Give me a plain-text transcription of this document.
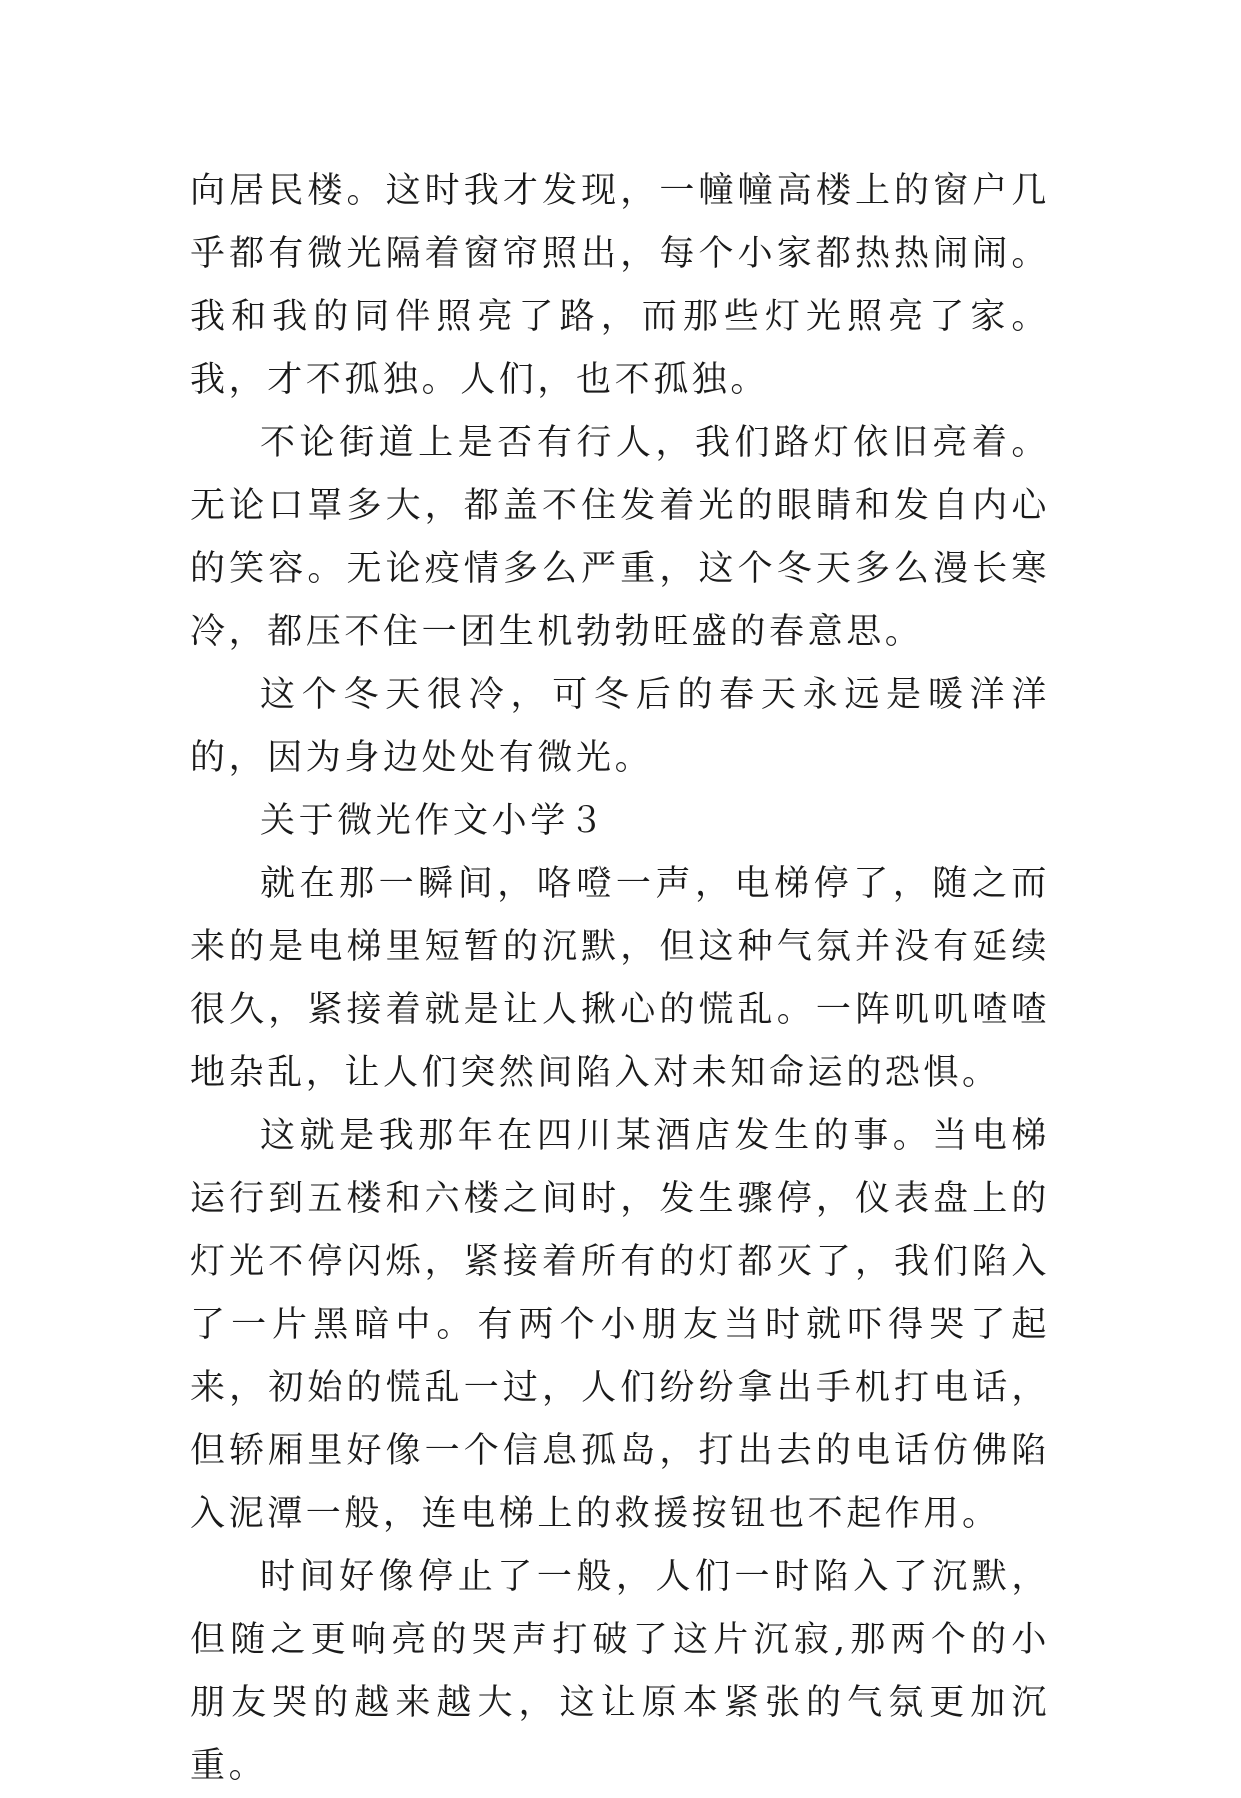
向居民楼。这时我才发现，一幢幢高楼上的窗户几乎都有微光隔着窗帘照出，每个小家都热热闹闹。我和我的同伴照亮了路，而那些灯光照亮了家。我，才不孤独。人们，也不孤独。

不论街道上是否有行人，我们路灯依旧亮着。无论口罩多大，都盖不住发着光的眼睛和发自内心的笑容。无论疫情多么严重，这个冬天多么漫长寒冷，都压不住一团生机勃勃旺盛的春意思。

这个冬天很冷，可冬后的春天永远是暖洋洋的，因为身边处处有微光。

关于微光作文小学３

就在那一瞬间，咯噔一声，电梯停了，随之而来的是电梯里短暂的沉默，但这种气氛并没有延续很久，紧接着就是让人揪心的慌乱。一阵叽叽喳喳地杂乱，让人们突然间陷入对未知命运的恐惧。

这就是我那年在四川某酒店发生的事。当电梯运行到五楼和六楼之间时，发生骤停，仪表盘上的灯光不停闪烁，紧接着所有的灯都灭了，我们陷入了一片黑暗中。有两个小朋友当时就吓得哭了起来，初始的慌乱一过，人们纷纷拿出手机打电话，但轿厢里好像一个信息孤岛，打出去的电话仿佛陷入泥潭一般，连电梯上的救援按钮也不起作用。

时间好像停止了一般，人们一时陷入了沉默，但随之更响亮的哭声打破了这片沉寂,那两个的小朋友哭的越来越大，这让原本紧张的气氛更加沉重。
